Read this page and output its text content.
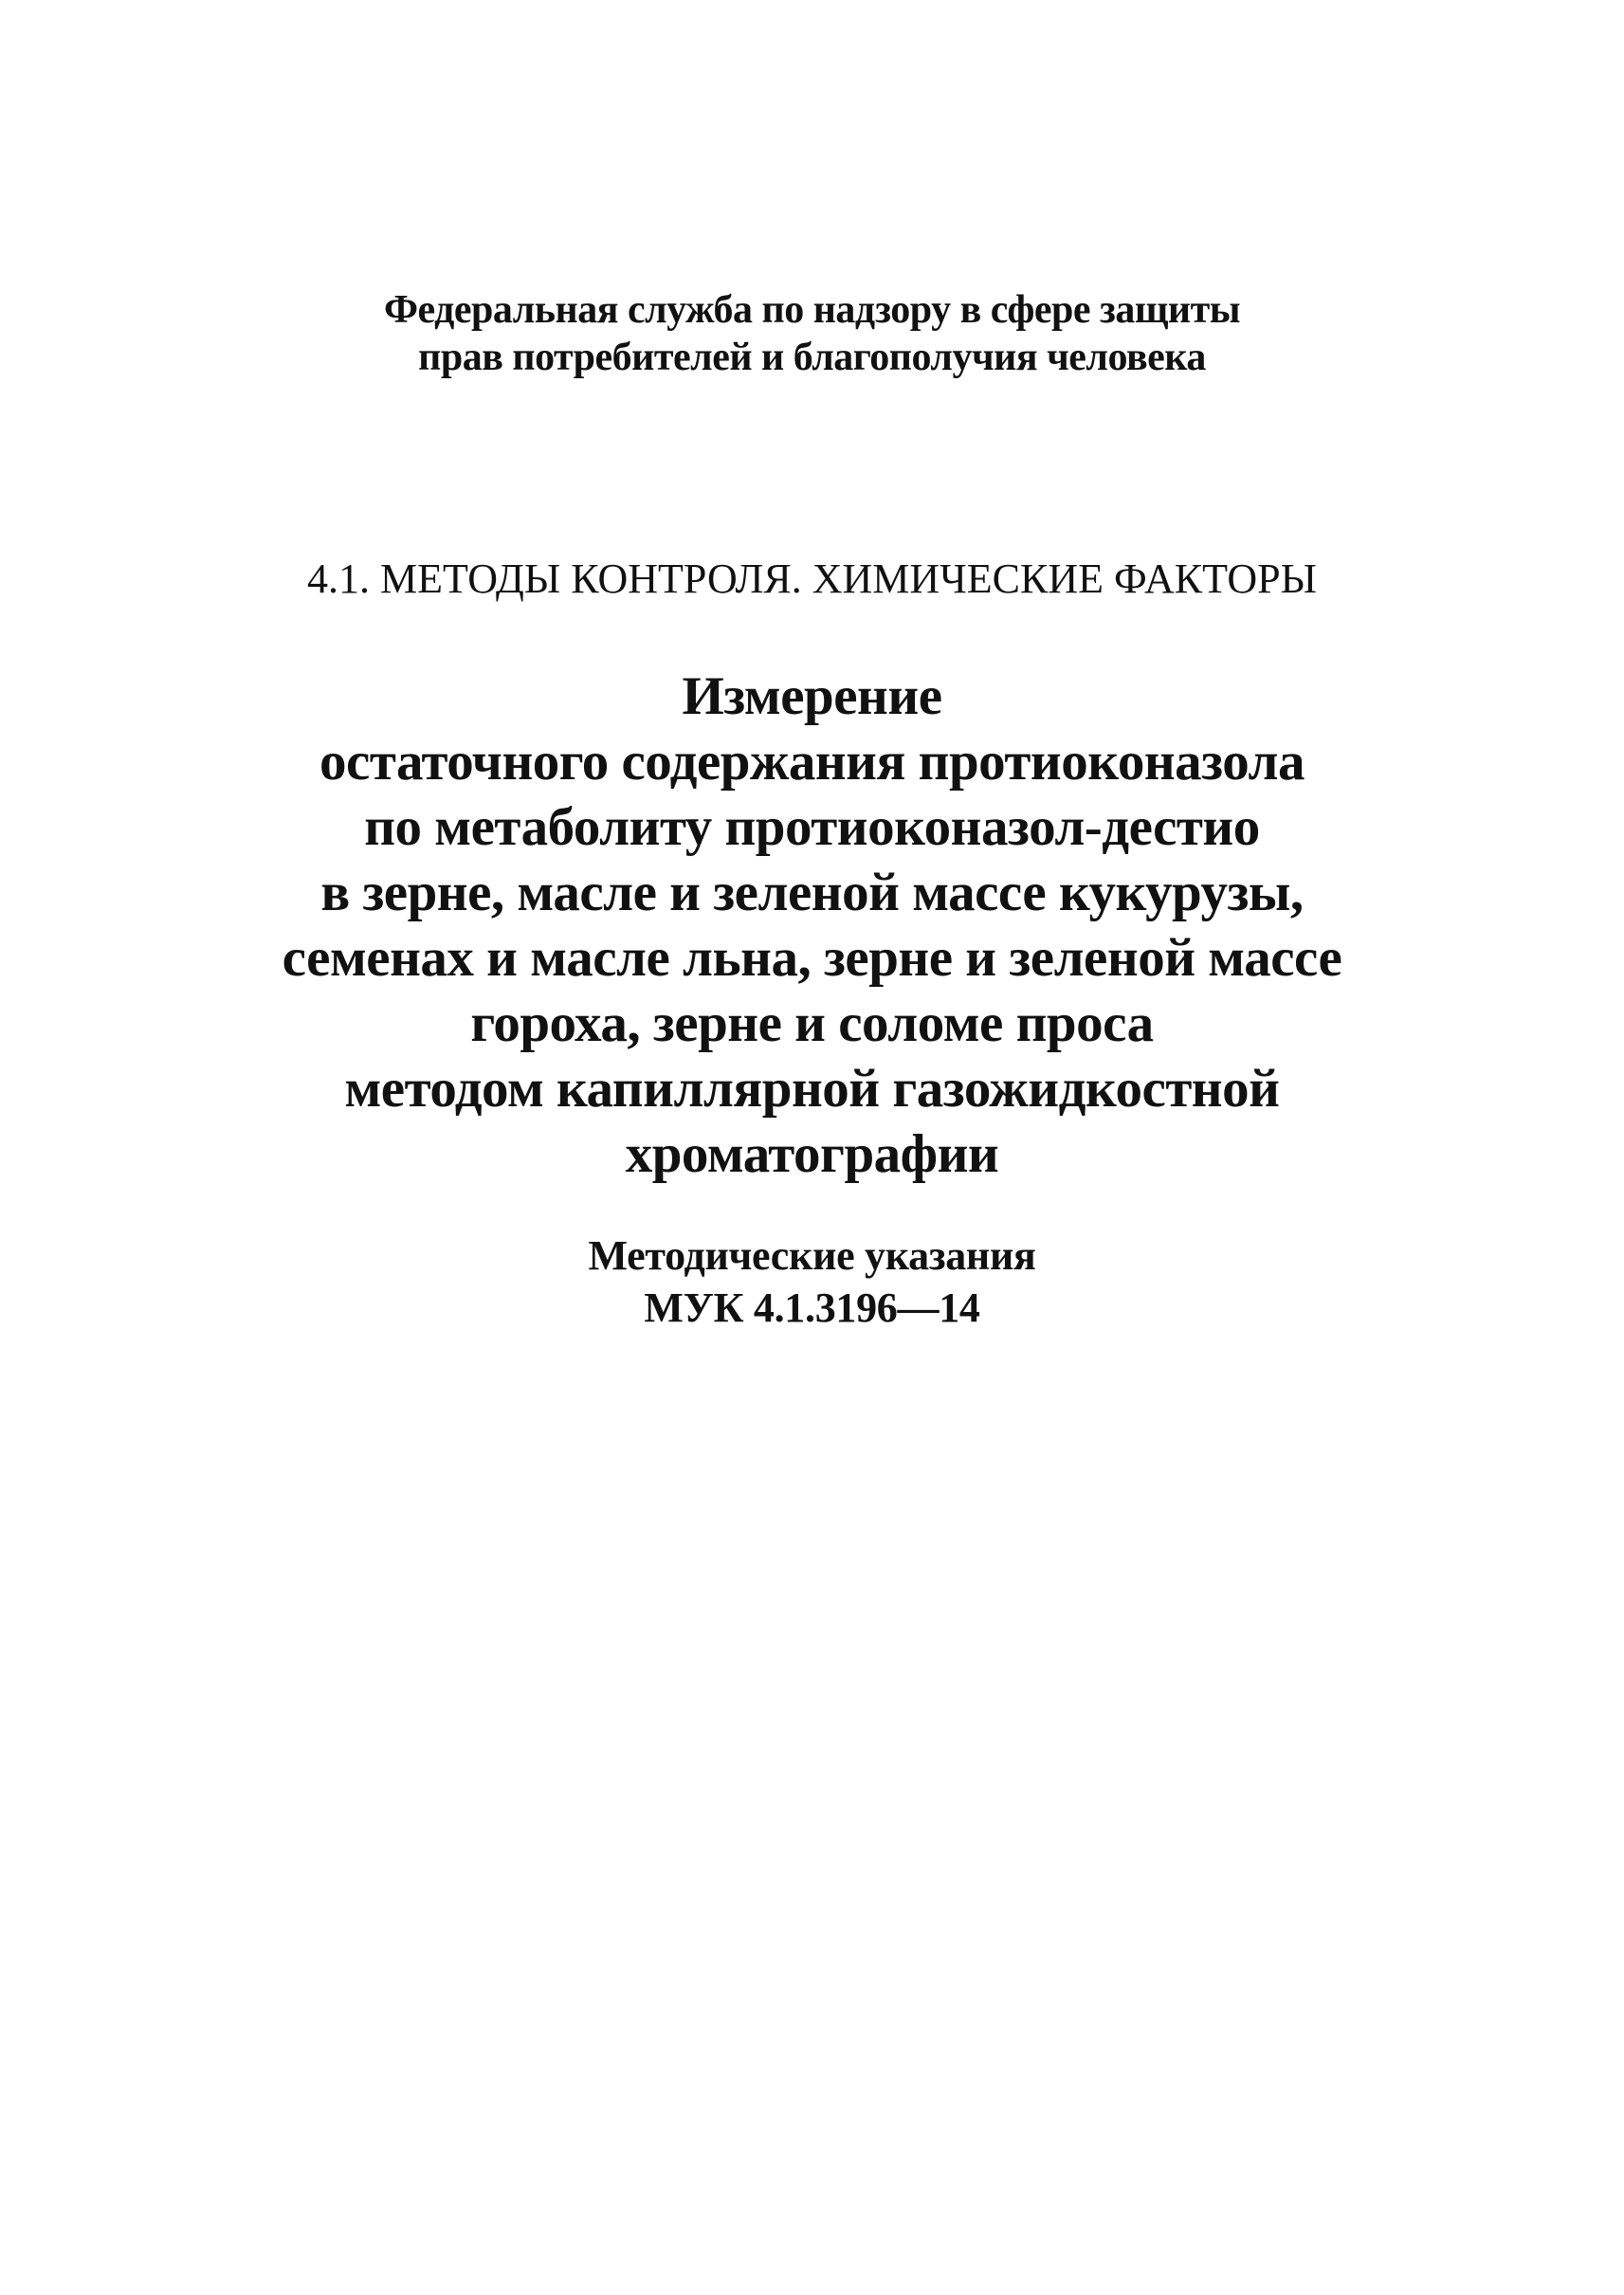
Федеральная служба по надзору в сфере защиты

прав потребителей и благополучия человека

4.1. МЕТОДЫ КОНТРОЛЯ. ХИМИЧЕСКИЕ ФАКТОРЫ

Измерение

остаточного содержания протиоконазола

по метаболиту протиоконазол-дестио

в зерне, масле и зеленой массе кукурузы,

семенах и масле льна, зерне и зеленой массе

гороха, зерне и соломе проса

методом капиллярной газожидкостной

хроматографии

Методические указания

МУК 4.1.3196—14
